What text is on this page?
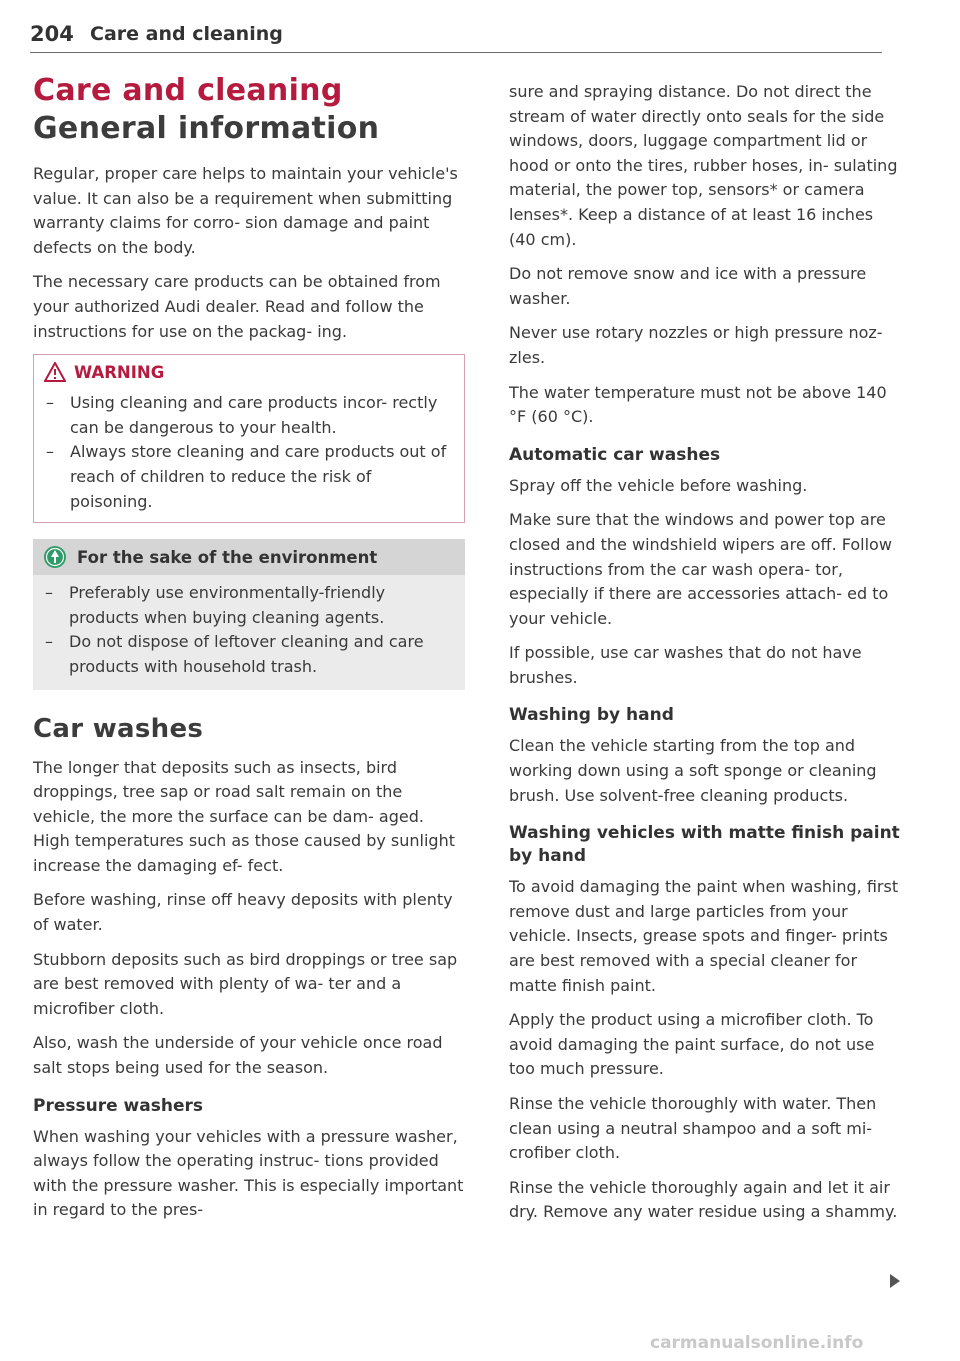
204 Care and cleaning
Care and cleaning
General information

Regular, proper care helps to maintain your vehicle's value. It can also be a requirement when submitting warranty claims for corro- sion damage and paint defects on the body.

The necessary care products can be obtained from your authorized Audi dealer. Read and follow the instructions for use on the packag- ing.

WARNING
– Using cleaning and care products incor- rectly can be dangerous to your health.
– Always store cleaning and care products out of reach of children to reduce the risk of poisoning.
For the sake of the environment
– Preferably use environmentally-friendly products when buying cleaning agents.
– Do not dispose of leftover cleaning and care products with household trash.
Car washes

The longer that deposits such as insects, bird droppings, tree sap or road salt remain on the vehicle, the more the surface can be dam- aged. High temperatures such as those caused by sunlight increase the damaging ef- fect.

Before washing, rinse off heavy deposits with plenty of water.

Stubborn deposits such as bird droppings or tree sap are best removed with plenty of wa- ter and a microfiber cloth.

Also, wash the underside of your vehicle once road salt stops being used for the season.

Pressure washers

When washing your vehicles with a pressure washer, always follow the operating instruc- tions provided with the pressure washer. This is especially important in regard to the pres-

sure and spraying distance. Do not direct the stream of water directly onto seals for the side windows, doors, luggage compartment lid or hood or onto the tires, rubber hoses, in- sulating material, the power top, sensors* or camera lenses*. Keep a distance of at least 16 inches (40 cm).

Do not remove snow and ice with a pressure washer.

Never use rotary nozzles or high pressure noz- zles.

The water temperature must not be above 140 °F (60 °C).

Automatic car washes

Spray off the vehicle before washing.

Make sure that the windows and power top are closed and the windshield wipers are off. Follow instructions from the car wash opera- tor, especially if there are accessories attach- ed to your vehicle.

If possible, use car washes that do not have brushes.

Washing by hand

Clean the vehicle starting from the top and working down using a soft sponge or cleaning brush. Use solvent-free cleaning products.

Washing vehicles with matte finish paint by hand

To avoid damaging the paint when washing, first remove dust and large particles from your vehicle. Insects, grease spots and finger- prints are best removed with a special cleaner for matte finish paint.

Apply the product using a microfiber cloth. To avoid damaging the paint surface, do not use too much pressure.

Rinse the vehicle thoroughly with water. Then clean using a neutral shampoo and a soft mi- crofiber cloth.

Rinse the vehicle thoroughly again and let it air dry. Remove any water residue using a shammy.

carmanualsonline.info
